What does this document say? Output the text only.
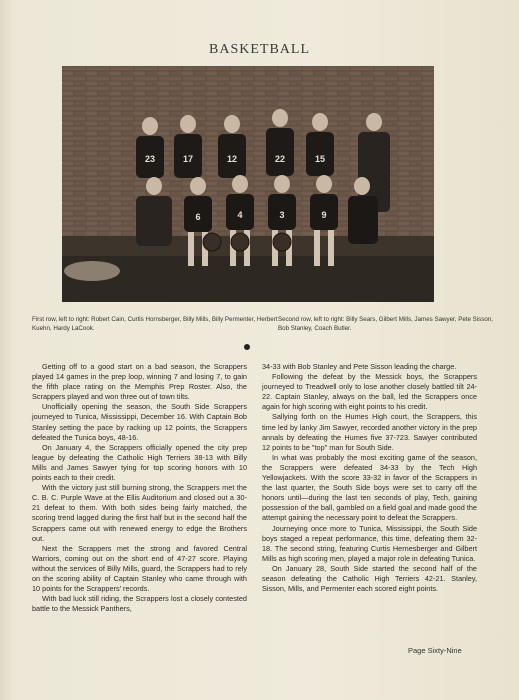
BASKETBALL
23	17	12	22	15
6	4	3	9
First row, left to right: Robert Cain, Curtis Hornsberger, Billy Mills, Billy Permenter, Herbert Kuehn, Hardy LaCook.
Second row, left to right: Billy Sears, Gilbert Mills, James Sawyer, Pete Sisson, Bob Stanley, Coach Butler.

Getting off to a good start on a bad season, the Scrappers played 14 games in the prep loop, winning 7 and losing 7, to gain the fifth place rating on the Memphis Prep Roster. Also, the Scrappers played and won three out of town tilts.

Unofficially opening the season, the South Side Scrappers journeyed to Tunica, Mississippi, December 16. With Captain Bob Stanley setting the pace by racking up 12 points, the Scrappers defeated the Tunica boys, 48-16.

On January 4, the Scrappers officially opened the city prep league by defeating the Catholic High Terriers 38-13 with Billy Mills and James Sawyer tying for top scoring honors with 10 points each to their credit.

With the victory just still burning strong, the Scrappers met the C. B. C. Purple Wave at the Ellis Auditorium and closed out a 30-21 defeat to them. With both sides being fairly matched, the scoring trend lagged during the first half but in the second half the Scrappers came out with renewed energy to edge the Brothers out.

Next the Scrappers met the strong and favored Central Warriors, coming out on the short end of 47-27 score. Playing without the services of Billy Mills, guard, the Scrappers had to rely on the scoring ability of Captain Stanley who came through with 10 points for the Scrappers' records.

With bad luck still riding, the Scrappers lost a closely contested battle to the Messick Panthers,

34-33 with Bob Stanley and Pete Sisson leading the charge.

Following the defeat by the Messick boys, the Scrappers journeyed to Treadwell only to lose another closely battled tilt 24-22. Captain Stanley, always on the ball, led the Scrappers once again for high scoring with eight points to his credit.

Sallying forth on the Humes High court, the Scrappers, this time led by lanky Jim Sawyer, recorded another victory in the prep annals by defeating the Humes five 37-723. Sawyer contributed 12 points to be "top" man for South Side.

In what was probably the most exciting game of the season, the Scrappers were defeated 34-33 by the Tech High Yellowjackets. With the score 33-32 in favor of the Scrappers in the last quarter, the South Side boys were set to carry off the honors until—during the last ten seconds of play, Tech, gaining possession of the ball, gambled on a field goal and made good the attempt gaining the necessary point to defeat the Scrappers.

Journeying once more to Tunica, Mississippi, the South Side boys staged a repeat performance, this time, defeating them 32-18. The second string, featuring Curtis Hernesberger and Gilbert Mills as high scoring men, played a major role in defeating Tunica.

On January 28, South Side started the second half of the season defeating the Catholic High Terriers 42-21. Stanley, Sisson, Mills, and Permenter each scored eight points.

Page Sixty-Nine
